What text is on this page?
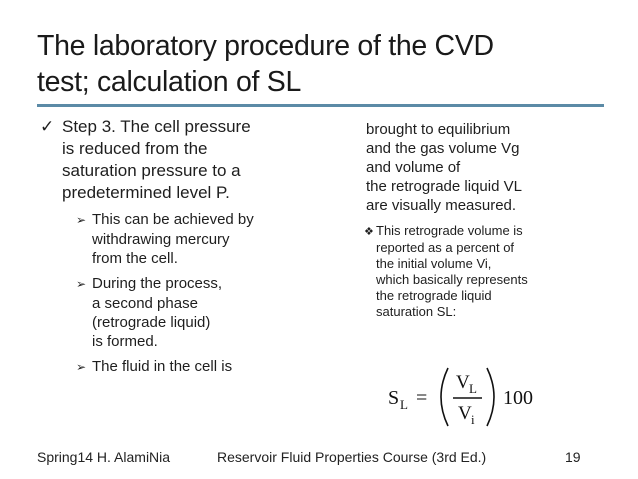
The laboratory procedure of the CVD
test; calculation of SL
✓ Step 3. The cell pressure
is reduced from the
saturation pressure to a
predetermined level P.
➢ This can be achieved by
withdrawing mercury
from the cell.
➢ During the process,
a second phase
(retrograde liquid)
is formed.
➢ The fluid in the cell is
brought to equilibrium
and the gas volume Vg
and volume of
the retrograde liquid VL
are visually measured.
❖ This retrograde volume is
reported as a percent of
the initial volume Vi,
which basically represents
the retrograde liquid
saturation SL:
S L =
V L
V i
100
Spring14 H. AlamiNia	Reservoir Fluid Properties Course (3rd Ed.)	19
